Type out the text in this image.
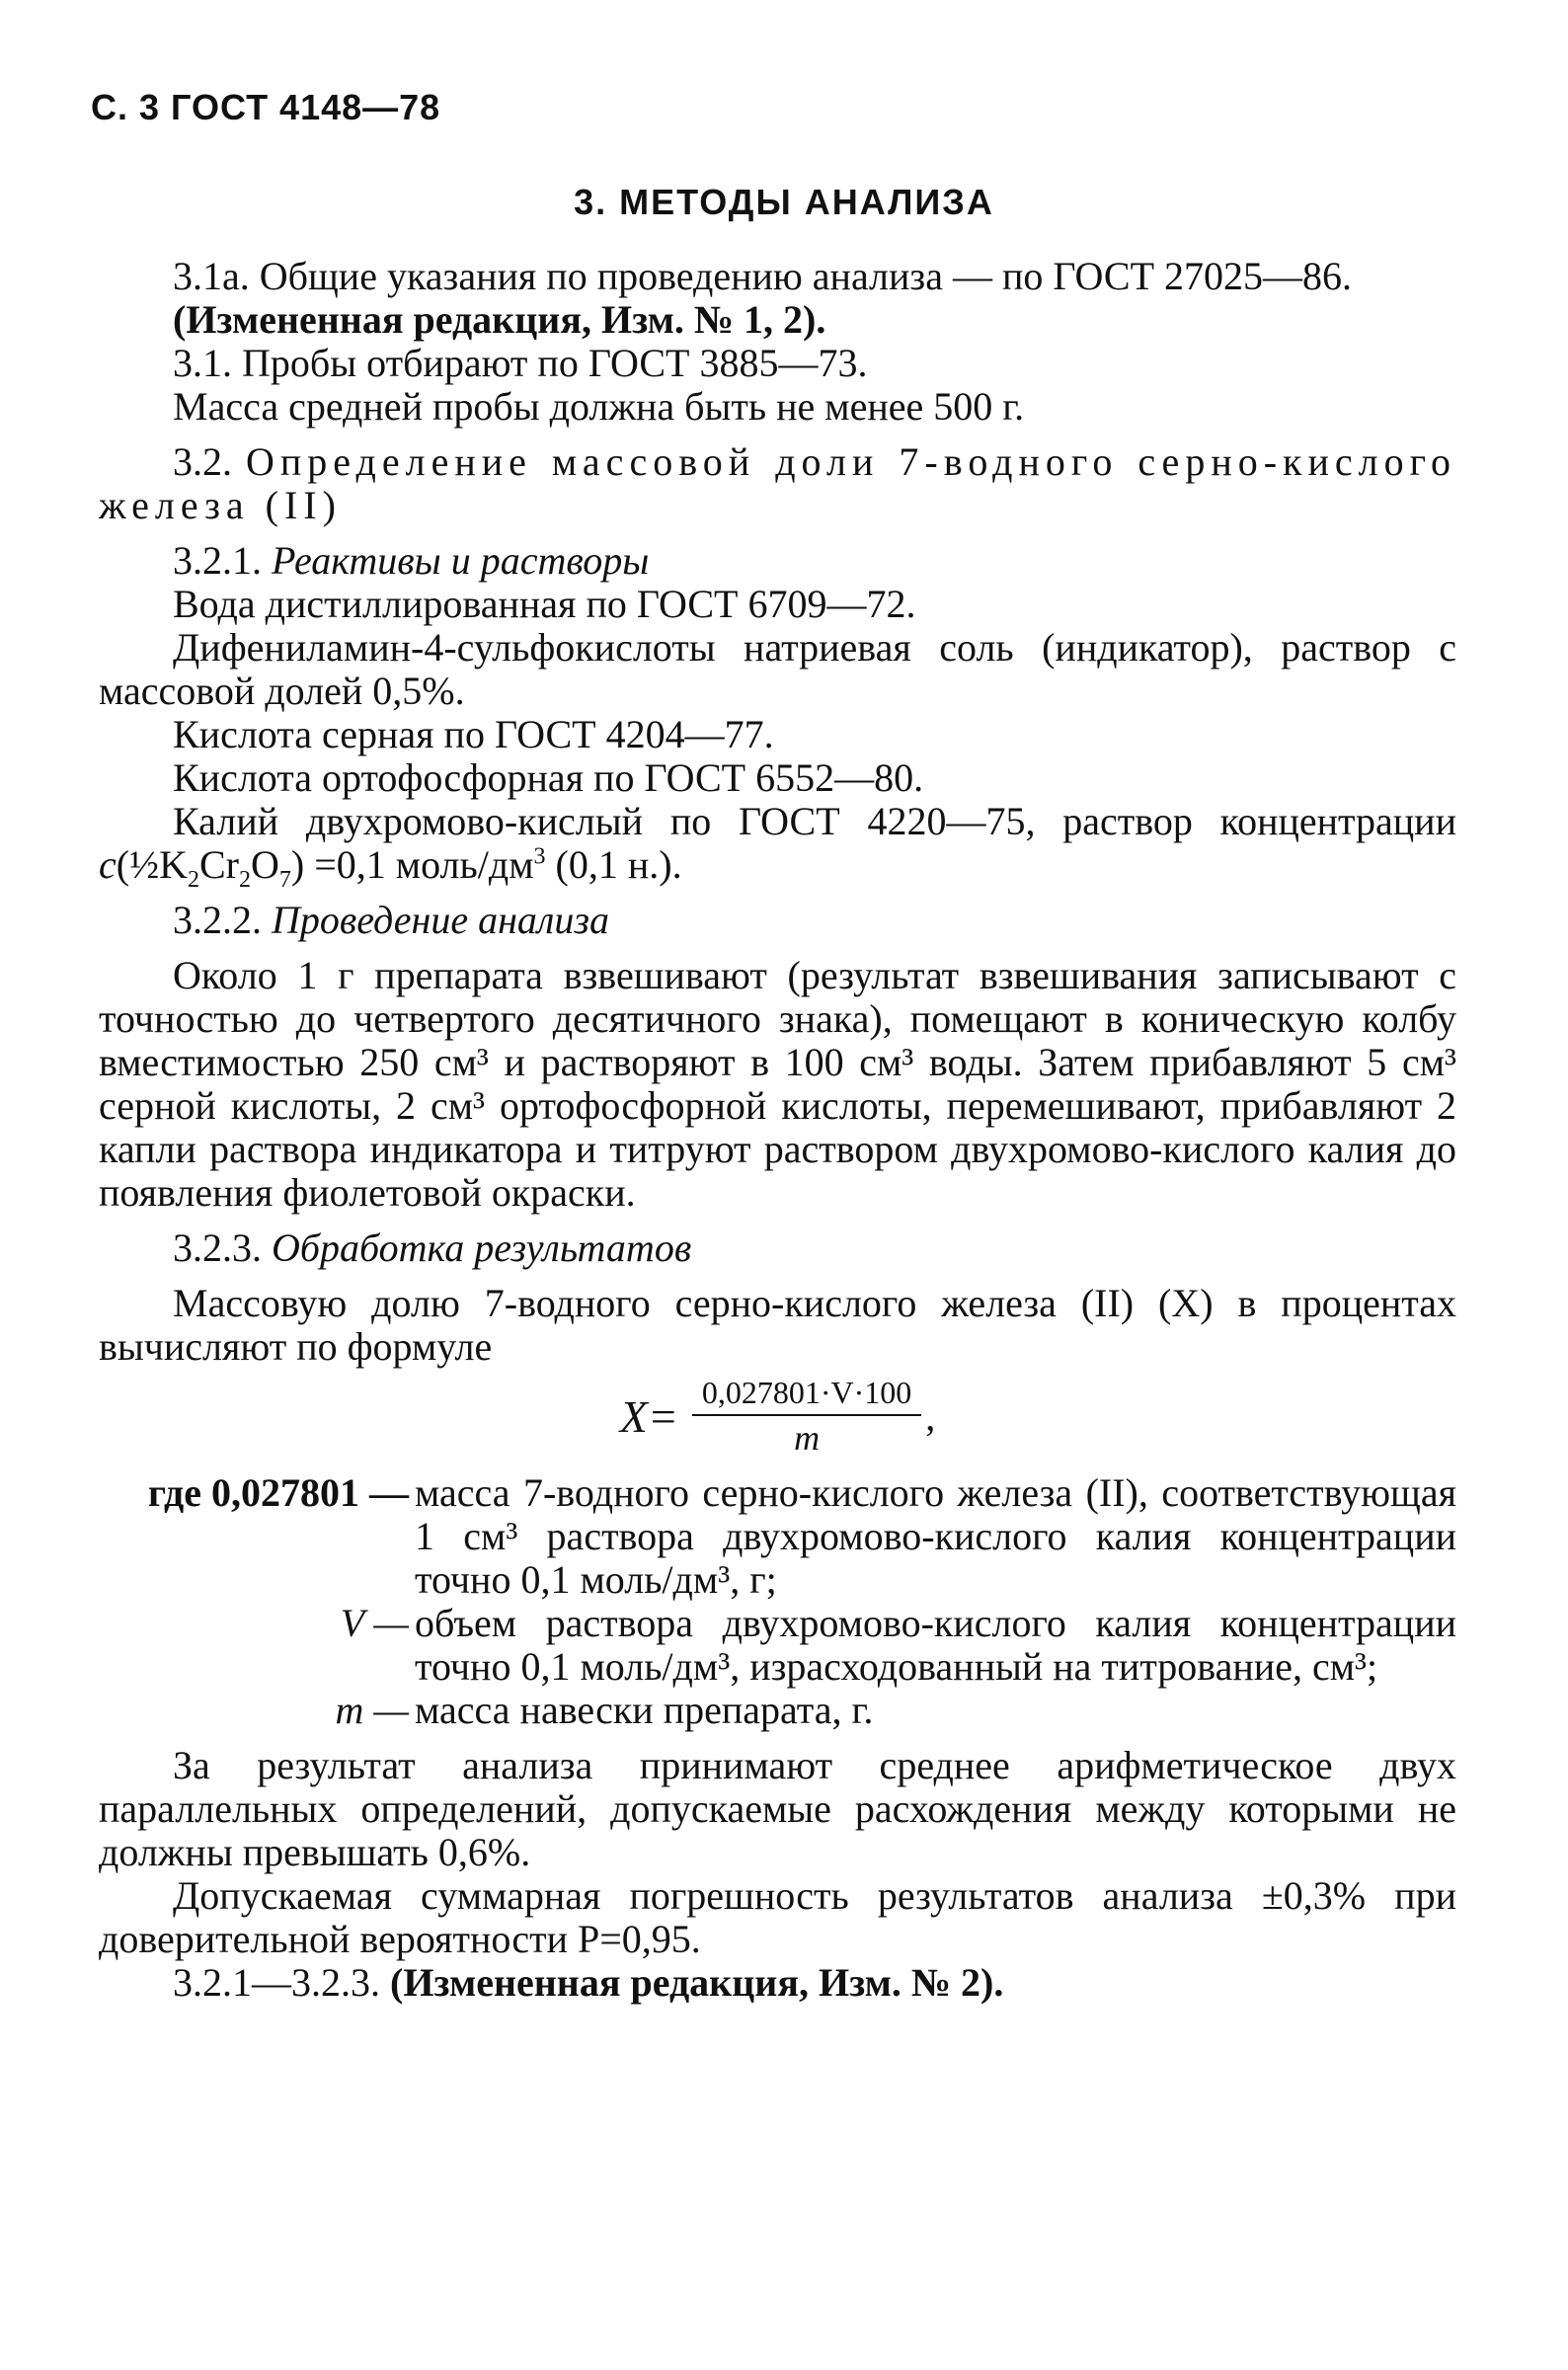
С. 3 ГОСТ 4148—78
3. МЕТОДЫ АНАЛИЗА

3.1а. Общие указания по проведению анализа — по ГОСТ 27025—86.

(Измененная редакция, Изм. № 1, 2).

3.1. Пробы отбирают по ГОСТ 3885—73.

Масса средней пробы должна быть не менее 500 г.

3.2. Определение массовой доли 7-водного серно-кислого железа (II)

3.2.1. Реактивы и растворы

Вода дистиллированная по ГОСТ 6709—72.

Дифениламин-4-сульфокислоты натриевая соль (индикатор), раствор с массовой долей 0,5%.

Кислота серная по ГОСТ 4204—77.

Кислота ортофосфорная по ГОСТ 6552—80.

Калий двухромово-кислый по ГОСТ 4220—75, раствор концентрации $c(\frac{1}{2}K_2Cr_2O_7) =0,1$ моль/$дм^3$ (0,1 н.).

3.2.2. Проведение анализа

Около 1 г препарата взвешивают (результат взвешивания записывают с точностью до четвертого десятичного знака), помещают в коническую колбу вместимостью 250 см³ и растворяют в 100 см³ воды. Затем прибавляют 5 см³ серной кислоты, 2 см³ ортофосфорной кислоты, перемешивают, прибавляют 2 капли раствора индикатора и титруют раствором двухромово-кислого калия до появления фиолетовой окраски.

3.2.3. Обработка результатов

Массовую долю 7-водного серно-кислого железа (II) (X) в процентах вычисляют по формуле

$X= \frac{0,027801\cdot V\cdot 100}{m}$ ,
где 0,027801 — масса 7-водного серно-кислого железа (II), соответствующая 1 см³ раствора двухромово-кислого калия концентрации точно 0,1 моль/дм³, г;
V — объем раствора двухромово-кислого калия концентрации точно 0,1 моль/дм³, израсходованный на титрование, см³;
m — масса навески препарата, г.

За результат анализа принимают среднее арифметическое двух параллельных определений, допускаемые расхождения между которыми не должны превышать 0,6%.

Допускаемая суммарная погрешность результатов анализа ±0,3% при доверительной вероятности P=0,95.

3.2.1—3.2.3. (Измененная редакция, Изм. № 2).
